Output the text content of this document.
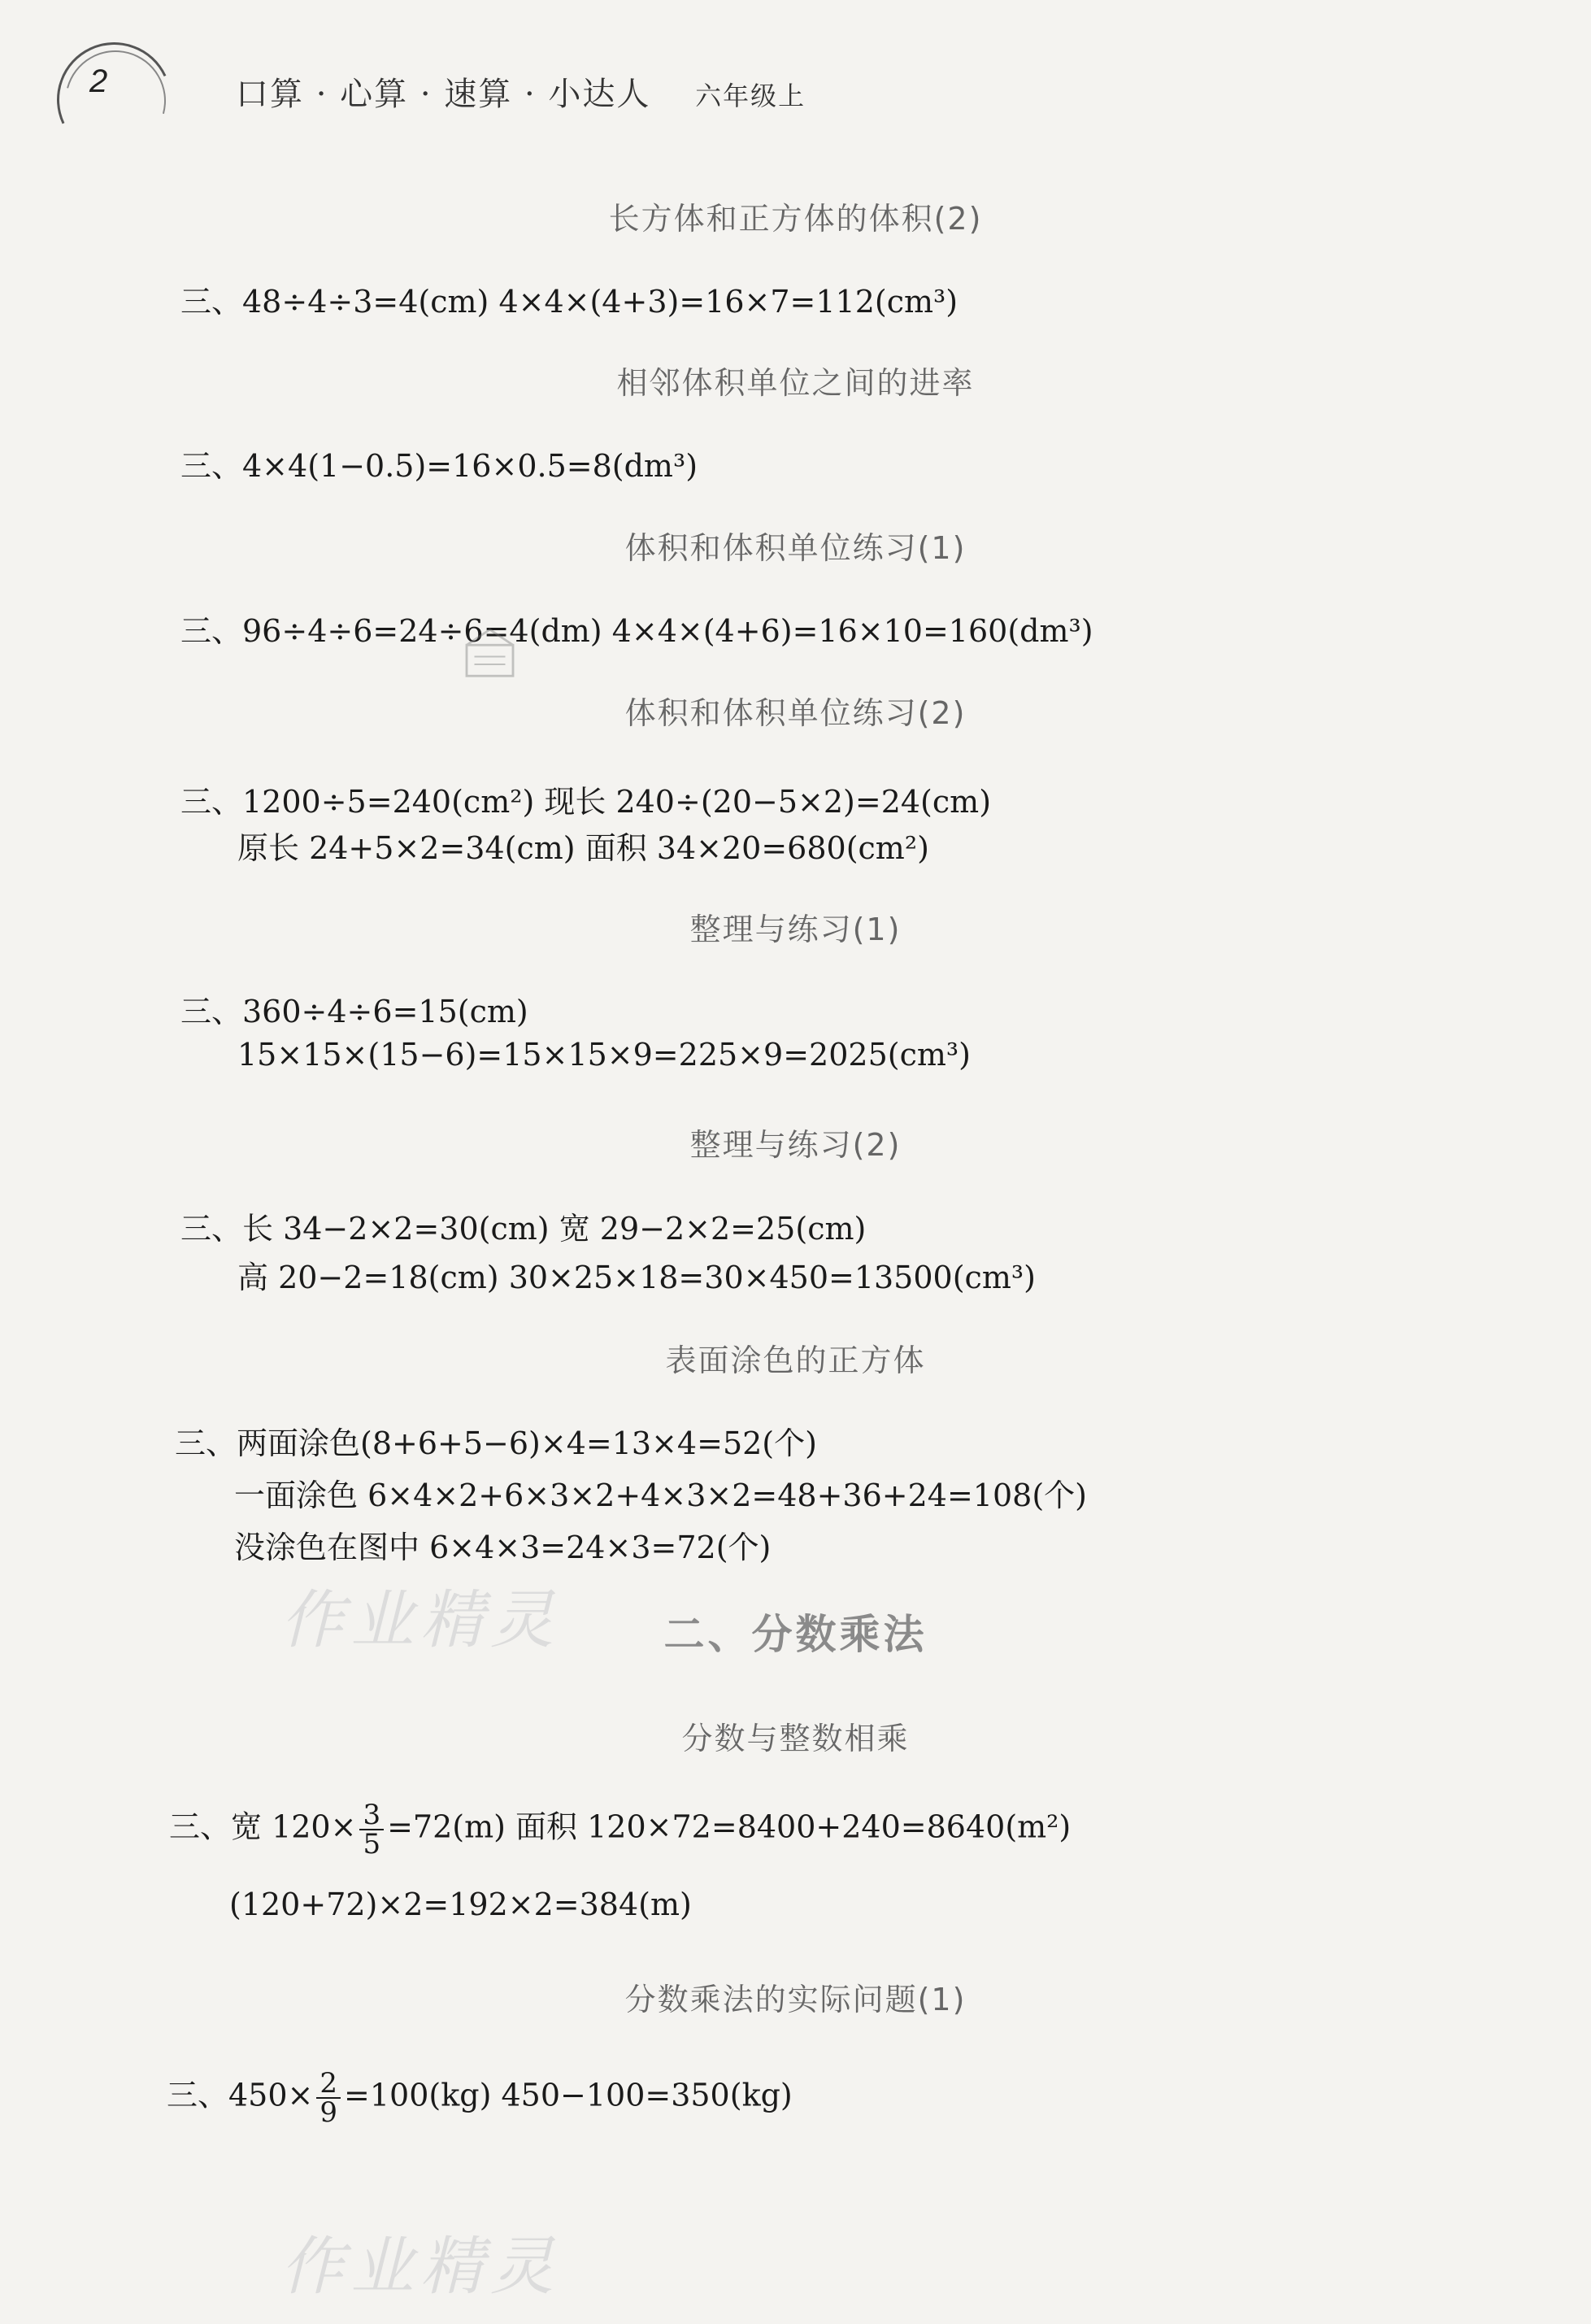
2	口算 · 心算 · 速算 · 小达人 六年级上
长方体和正方体的体积(2)
三、48÷4÷3=4(cm) 4×4×(4+3)=16×7=112(cm³)
相邻体积单位之间的进率
三、4×4(1−0.5)=16×0.5=8(dm³)
体积和体积单位练习(1)
三、96÷4÷6=24÷6=4(dm) 4×4×(4+6)=16×10=160(dm³)
体积和体积单位练习(2)
三、1200÷5=240(cm²) 现长 240÷(20−5×2)=24(cm)
原长 24+5×2=34(cm) 面积 34×20=680(cm²)
整理与练习(1)
三、360÷4÷6=15(cm)
15×15×(15−6)=15×15×9=225×9=2025(cm³)
整理与练习(2)
三、长 34−2×2=30(cm) 宽 29−2×2=25(cm)
高 20−2=18(cm) 30×25×18=30×450=13500(cm³)
表面涂色的正方体
三、两面涂色(8+6+5−6)×4=13×4=52(个)
一面涂色 6×4×2+6×3×2+4×3×2=48+36+24=108(个)
没涂色在图中 6×4×3=24×3=72(个)
作业精灵	二、分数乘法
分数与整数相乘
三、宽 $120\times \frac{3}{5} =72(m)$ 面积 120×72=8400+240=8640(m²)
(120+72)×2=192×2=384(m)
分数乘法的实际问题(1)
三、$450\times \frac{2}{9} =100(kg)$ 450−100=350(kg)
作业精灵
